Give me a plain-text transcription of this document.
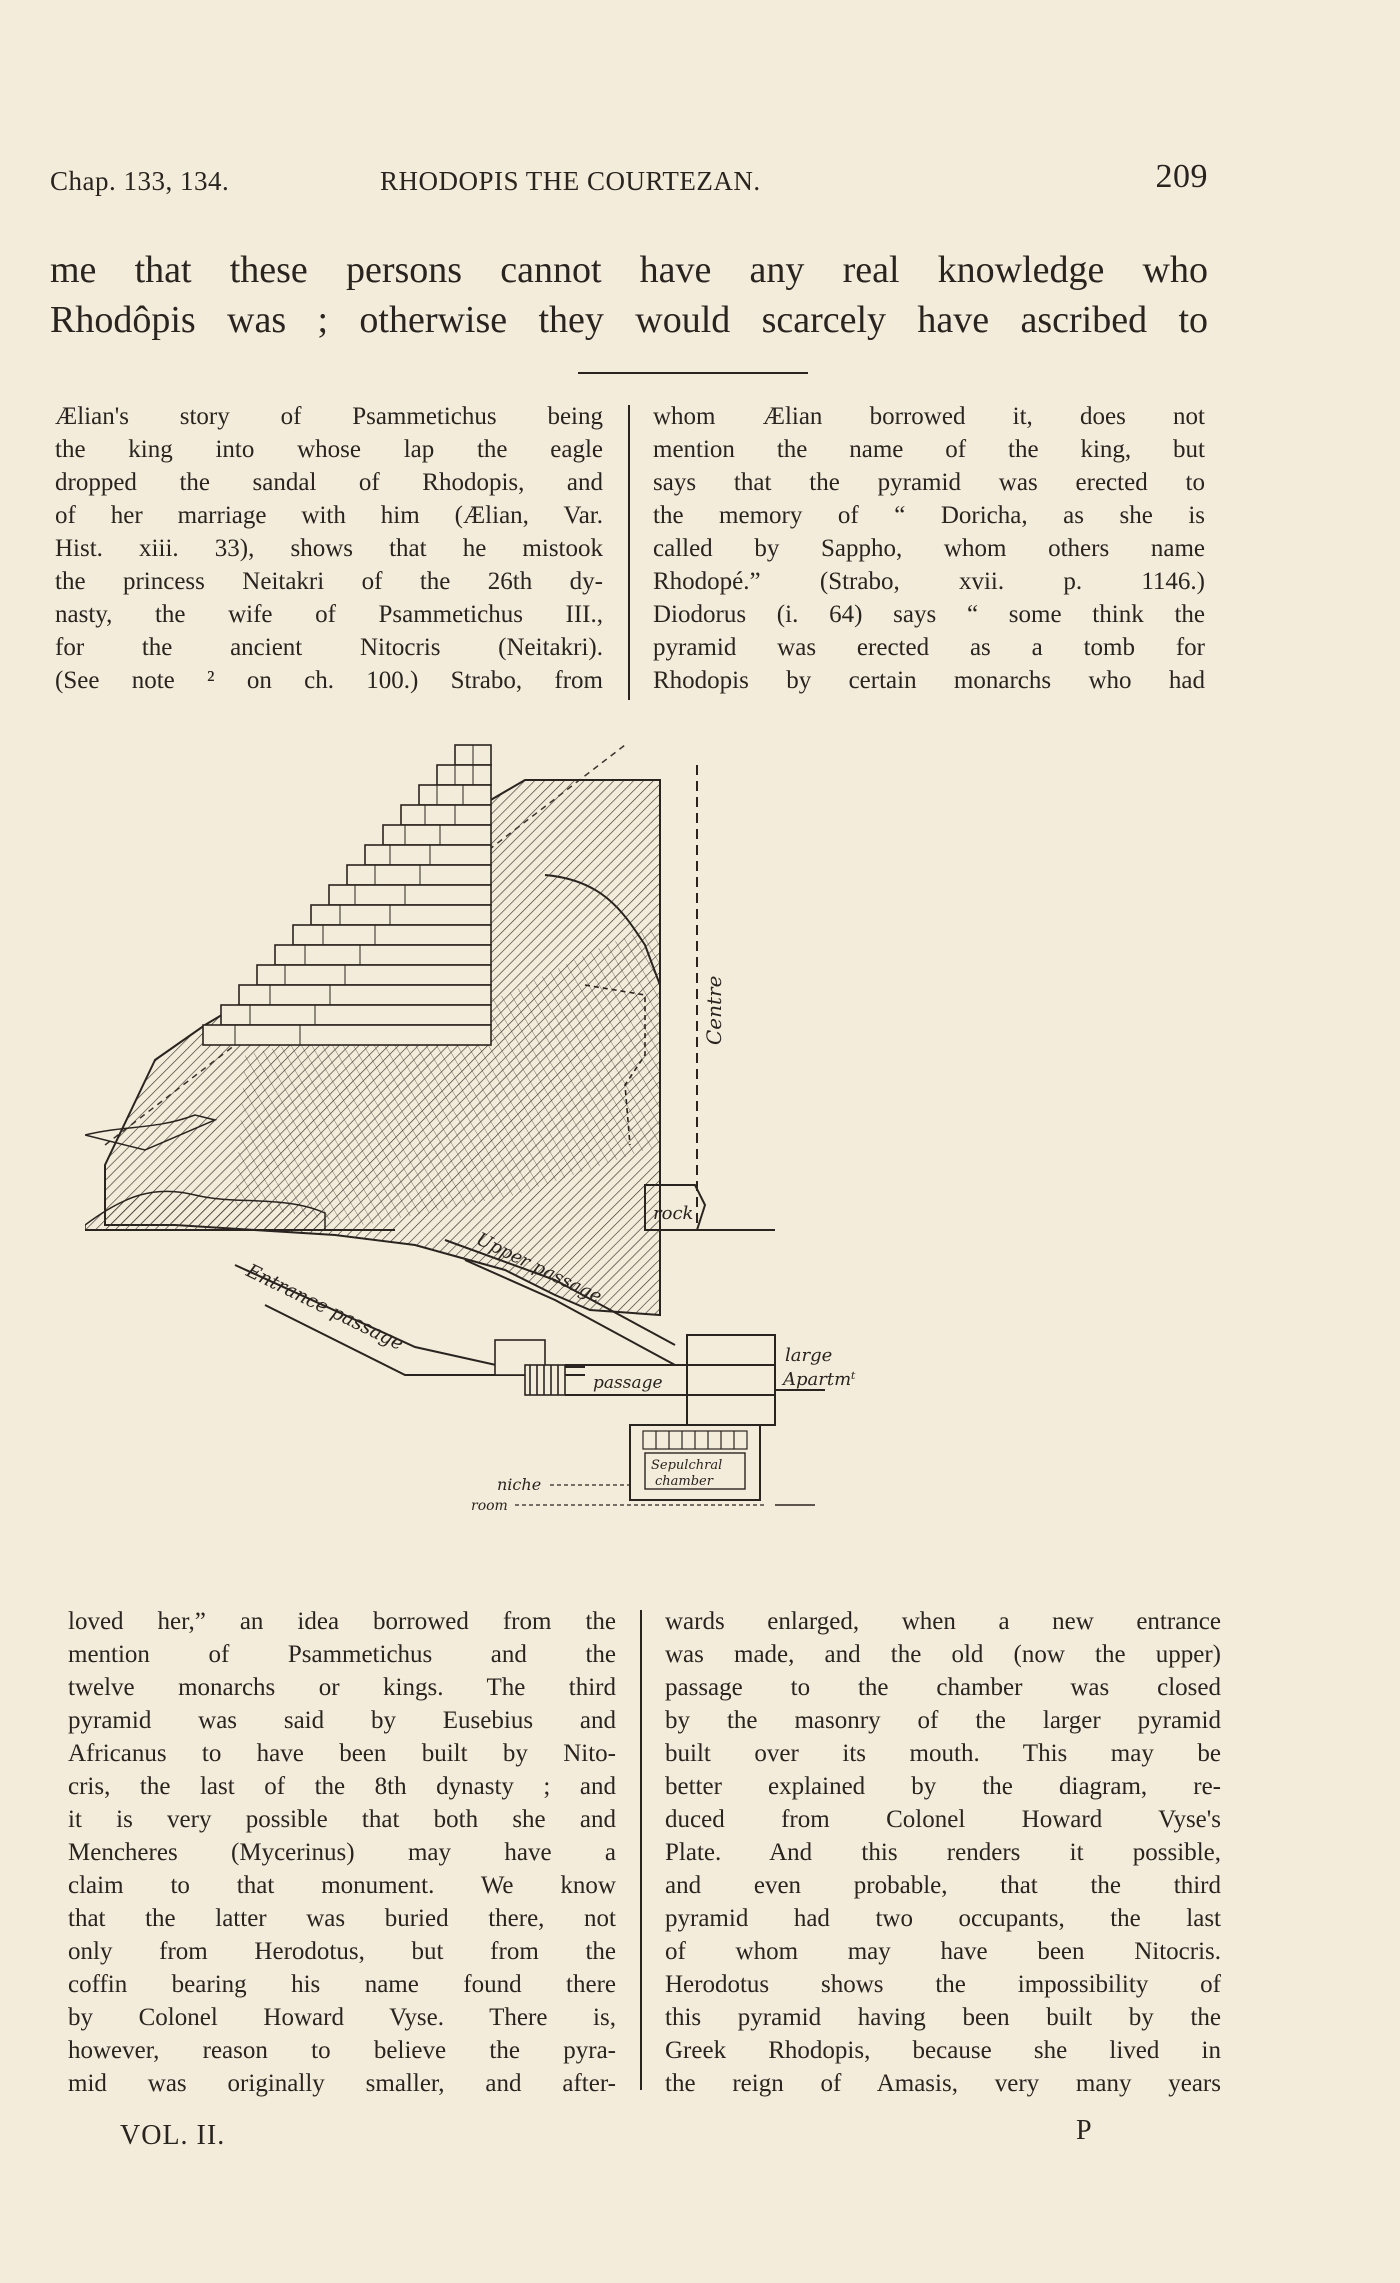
Chap. 133, 134.	RHODOPIS THE COURTEZAN.	209
me that these persons cannot have any real knowledge who
Rhodôpis was ; otherwise they would scarcely have ascribed to
Ælian's story of Psammetichus being
the king into whose lap the eagle
dropped the sandal of Rhodopis, and
of her marriage with him (Ælian, Var.
Hist. xiii. 33), shows that he mistook
the princess Neitakri of the 26th dy-
nasty, the wife of Psammetichus III.,
for the ancient Nitocris (Neitakri).
(See note ² on ch. 100.) Strabo, from
whom Ælian borrowed it, does not
mention the name of the king, but
says that the pyramid was erected to
the memory of “ Doricha, as she is
called by Sappho, whom others name
Rhodopé.” (Strabo, xvii. p. 1146.)
Diodorus (i. 64) says “ some think the
pyramid was erected as a tomb for
Rhodopis by certain monarchs who had
Centre
rock
Upper passage
Entrance passage
passage
large
Apartmᵗ
Sepulchral
chamber
niche
room
loved her,” an idea borrowed from the
mention of Psammetichus and the
twelve monarchs or kings. The third
pyramid was said by Eusebius and
Africanus to have been built by Nito-
cris, the last of the 8th dynasty ; and
it is very possible that both she and
Mencheres (Mycerinus) may have a
claim to that monument. We know
that the latter was buried there, not
only from Herodotus, but from the
coffin bearing his name found there
by Colonel Howard Vyse. There is,
however, reason to believe the pyra-
mid was originally smaller, and after-
wards enlarged, when a new entrance
was made, and the old (now the upper)
passage to the chamber was closed
by the masonry of the larger pyramid
built over its mouth. This may be
better explained by the diagram, re-
duced from Colonel Howard Vyse's
Plate. And this renders it possible,
and even probable, that the third
pyramid had two occupants, the last
of whom may have been Nitocris.
Herodotus shows the impossibility of
this pyramid having been built by the
Greek Rhodopis, because she lived in
the reign of Amasis, very many years
VOL. II.	P
